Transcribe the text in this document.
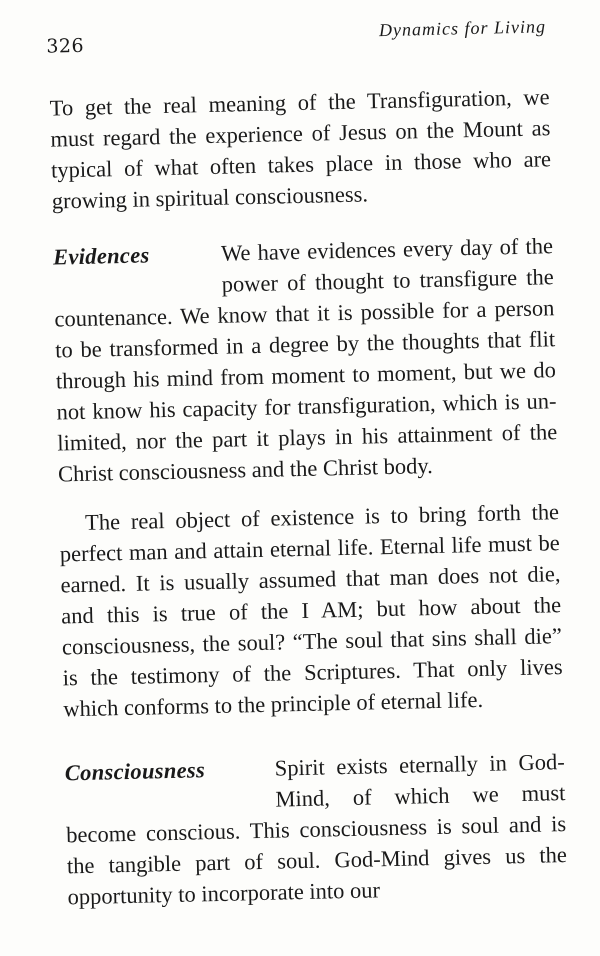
326
Dynamics for Living

To get the real meaning of the Transfiguration, we must regard the experience of Jesus on the Mount as typical of what often takes place in those who are growing in spiritual consciousness.

Evidences	We have evidences every day of the power of thought to transfigure the countenance. We know that it is possible for a person to be transformed in a degree by the thoughts that flit through his mind from moment to moment, but we do not know his capacity for transfiguration, which is unlimited, nor the part it plays in his attainment of the Christ consciousness and the Christ body.
The real object of existence is to bring forth the perfect man and attain eternal life. Eternal life must be earned. It is usually assumed that man does not die, and this is true of the I AM; but how about the consciousness, the soul? “The soul that sins shall die” is the testimony of the Scriptures. That only lives which conforms to the principle of eternal life.
Consciousness	Spirit exists eternally in God-Mind, of which we must become conscious. This consciousness is soul and is the tangible part of soul. God-Mind gives us the opportunity to incorporate into our
